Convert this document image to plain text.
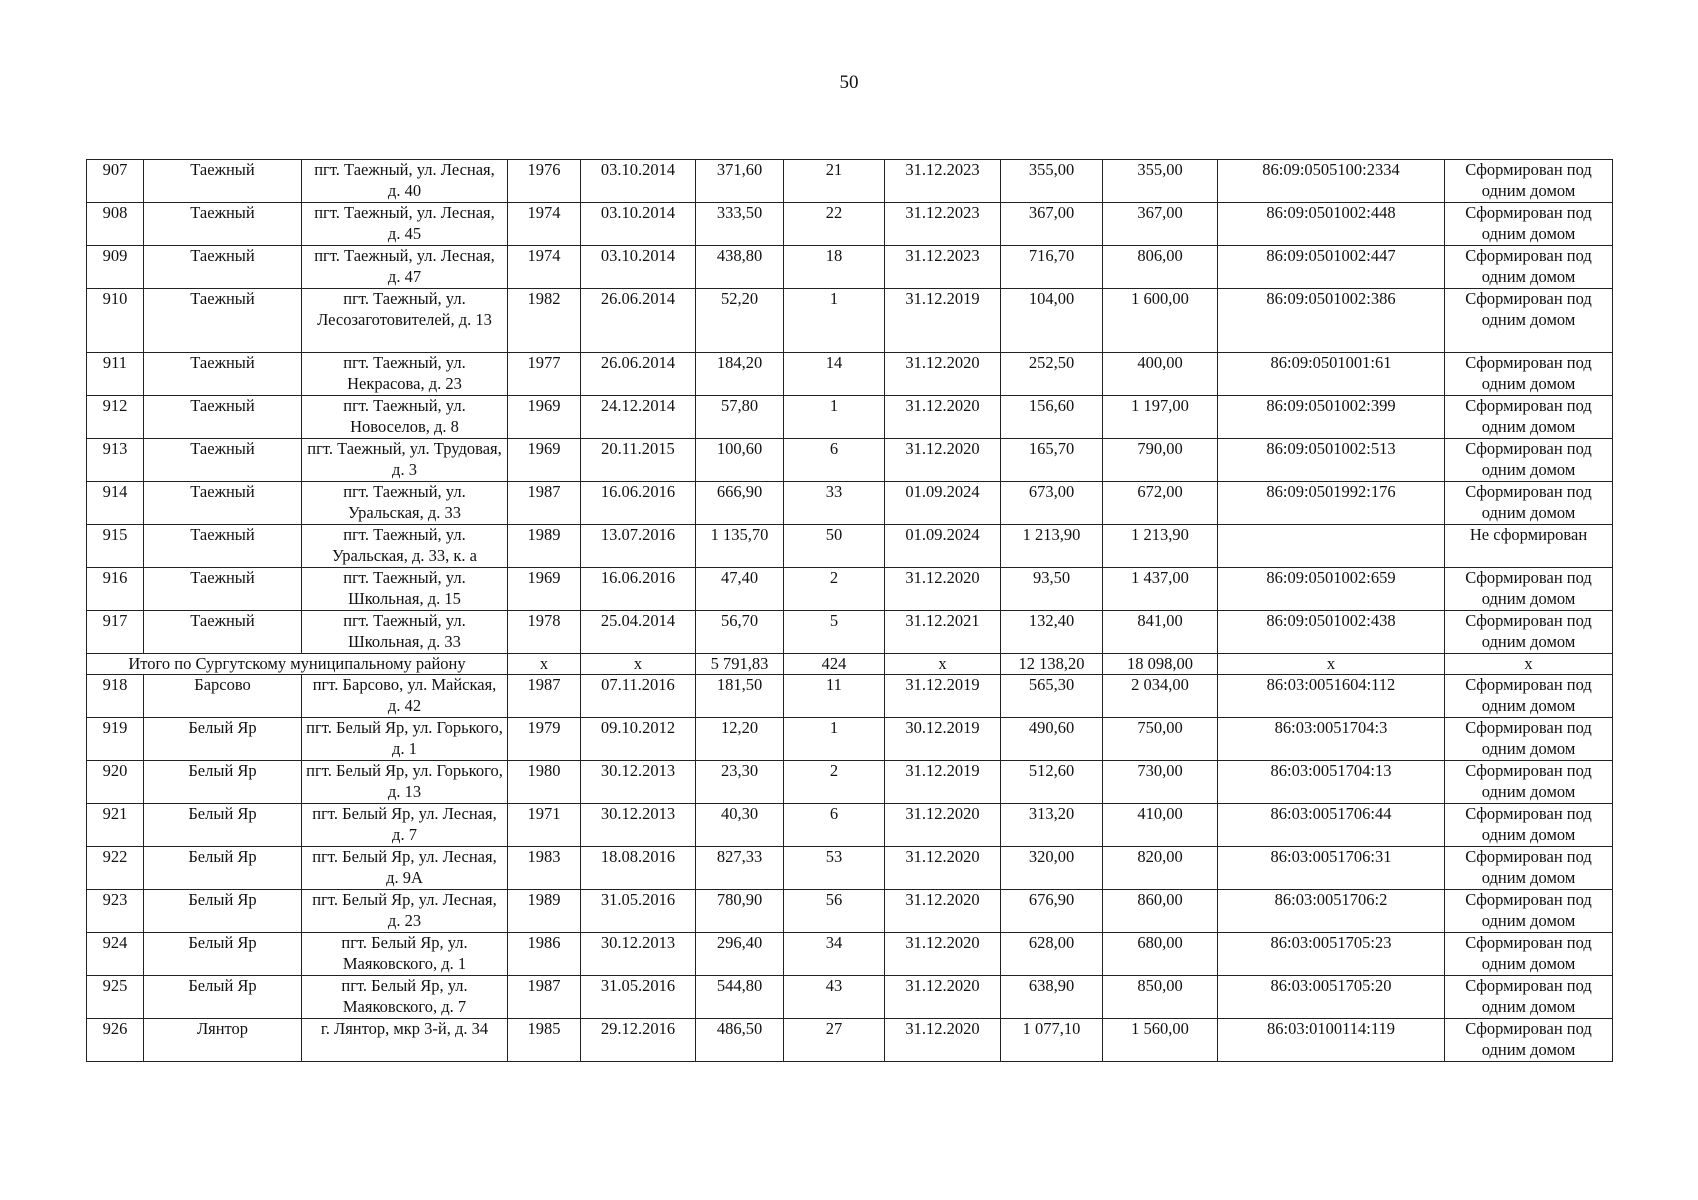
50
907	Таежный	пгт. Таежный, ул. Лесная, д. 40	1976	03.10.2014	371,60	21	31.12.2023	355,00	355,00	86:09:0505100:2334	Сформирован под одним домом
908	Таежный	пгт. Таежный, ул. Лесная, д. 45	1974	03.10.2014	333,50	22	31.12.2023	367,00	367,00	86:09:0501002:448	Сформирован под одним домом
909	Таежный	пгт. Таежный, ул. Лесная, д. 47	1974	03.10.2014	438,80	18	31.12.2023	716,70	806,00	86:09:0501002:447	Сформирован под одним домом
910	Таежный	пгт. Таежный, ул. Лесозаготовителей, д. 13	1982	26.06.2014	52,20	1	31.12.2019	104,00	1 600,00	86:09:0501002:386	Сформирован под одним домом
911	Таежный	пгт. Таежный, ул. Некрасова, д. 23	1977	26.06.2014	184,20	14	31.12.2020	252,50	400,00	86:09:0501001:61	Сформирован под одним домом
912	Таежный	пгт. Таежный, ул. Новоселов, д. 8	1969	24.12.2014	57,80	1	31.12.2020	156,60	1 197,00	86:09:0501002:399	Сформирован под одним домом
913	Таежный	пгт. Таежный, ул. Трудовая, д. 3	1969	20.11.2015	100,60	6	31.12.2020	165,70	790,00	86:09:0501002:513	Сформирован под одним домом
914	Таежный	пгт. Таежный, ул. Уральская, д. 33	1987	16.06.2016	666,90	33	01.09.2024	673,00	672,00	86:09:0501992:176	Сформирован под одним домом
915	Таежный	пгт. Таежный, ул. Уральская, д. 33, к. а	1989	13.07.2016	1 135,70	50	01.09.2024	1 213,90	1 213,90		Не сформирован
916	Таежный	пгт. Таежный, ул. Школьная, д. 15	1969	16.06.2016	47,40	2	31.12.2020	93,50	1 437,00	86:09:0501002:659	Сформирован под одним домом
917	Таежный	пгт. Таежный, ул. Школьная, д. 33	1978	25.04.2014	56,70	5	31.12.2021	132,40	841,00	86:09:0501002:438	Сформирован под одним домом
Итого по Сургутскому муниципальному району			x	x	5 791,83	424	x	12 138,20	18 098,00	x	x
918	Барсово	пгт. Барсово, ул. Майская, д. 42	1987	07.11.2016	181,50	11	31.12.2019	565,30	2 034,00	86:03:0051604:112	Сформирован под одним домом
919	Белый Яр	пгт. Белый Яр, ул. Горького, д. 1	1979	09.10.2012	12,20	1	30.12.2019	490,60	750,00	86:03:0051704:3	Сформирован под одним домом
920	Белый Яр	пгт. Белый Яр, ул. Горького, д. 13	1980	30.12.2013	23,30	2	31.12.2019	512,60	730,00	86:03:0051704:13	Сформирован под одним домом
921	Белый Яр	пгт. Белый Яр, ул. Лесная, д. 7	1971	30.12.2013	40,30	6	31.12.2020	313,20	410,00	86:03:0051706:44	Сформирован под одним домом
922	Белый Яр	пгт. Белый Яр, ул. Лесная, д. 9А	1983	18.08.2016	827,33	53	31.12.2020	320,00	820,00	86:03:0051706:31	Сформирован под одним домом
923	Белый Яр	пгт. Белый Яр, ул. Лесная, д. 23	1989	31.05.2016	780,90	56	31.12.2020	676,90	860,00	86:03:0051706:2	Сформирован под одним домом
924	Белый Яр	пгт. Белый Яр, ул. Маяковского, д. 1	1986	30.12.2013	296,40	34	31.12.2020	628,00	680,00	86:03:0051705:23	Сформирован под одним домом
925	Белый Яр	пгт. Белый Яр, ул. Маяковского, д. 7	1987	31.05.2016	544,80	43	31.12.2020	638,90	850,00	86:03:0051705:20	Сформирован под одним домом
926	Лянтор	г. Лянтор, мкр 3-й, д. 34	1985	29.12.2016	486,50	27	31.12.2020	1 077,10	1 560,00	86:03:0100114:119	Сформирован под одним домом
